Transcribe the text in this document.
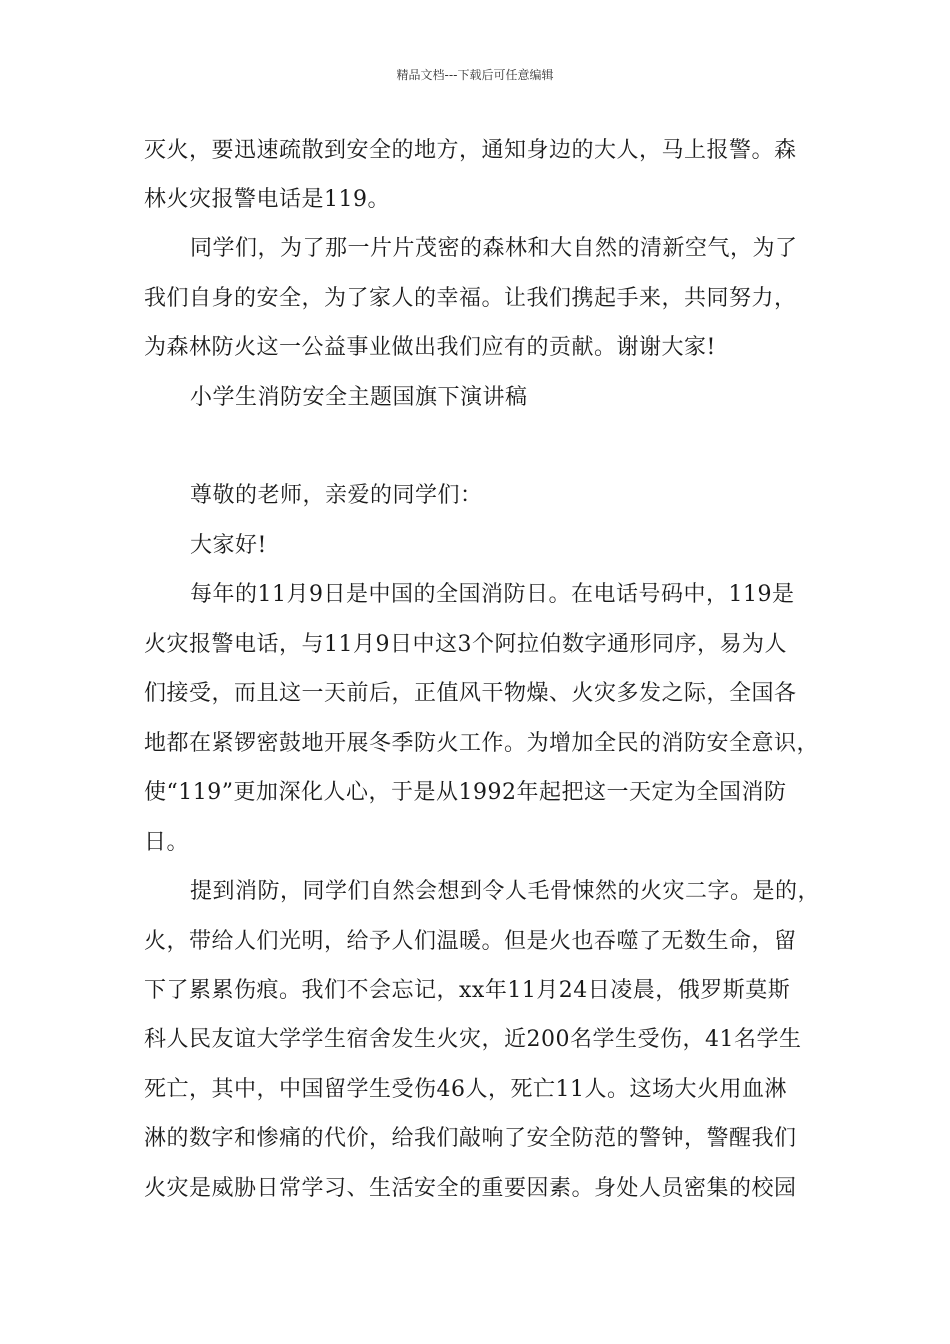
精品文档---下载后可任意编辑
灭火，要迅速疏散到安全的地方，通知身边的大人，马上报警。森
林火灾报警电话是119。
同学们，为了那一片片茂密的森林和大自然的清新空气，为了
我们自身的安全，为了家人的幸福。让我们携起手来，共同努力，
为森林防火这一公益事业做出我们应有的贡献。谢谢大家!
小学生消防安全主题国旗下演讲稿
尊敬的老师，亲爱的同学们：
大家好!
每年的11月9日是中国的全国消防日。在电话号码中，119是
火灾报警电话，与11月9日中这3个阿拉伯数字通形同序，易为人
们接受，而且这一天前后，正值风干物燥、火灾多发之际，全国各
地都在紧锣密鼓地开展冬季防火工作。为增加全民的消防安全意识，
使“119”更加深化人心，于是从1992年起把这一天定为全国消防
日。
提到消防，同学们自然会想到令人毛骨悚然的火灾二字。是的，
火，带给人们光明，给予人们温暖。但是火也吞噬了无数生命，留
下了累累伤痕。我们不会忘记，xx年11月24日凌晨，俄罗斯莫斯
科人民友谊大学学生宿舍发生火灾，近200名学生受伤，41名学生
死亡，其中，中国留学生受伤46人，死亡11人。这场大火用血淋
淋的数字和惨痛的代价，给我们敲响了安全防范的警钟，警醒我们
火灾是威胁日常学习、生活安全的重要因素。身处人员密集的校园
